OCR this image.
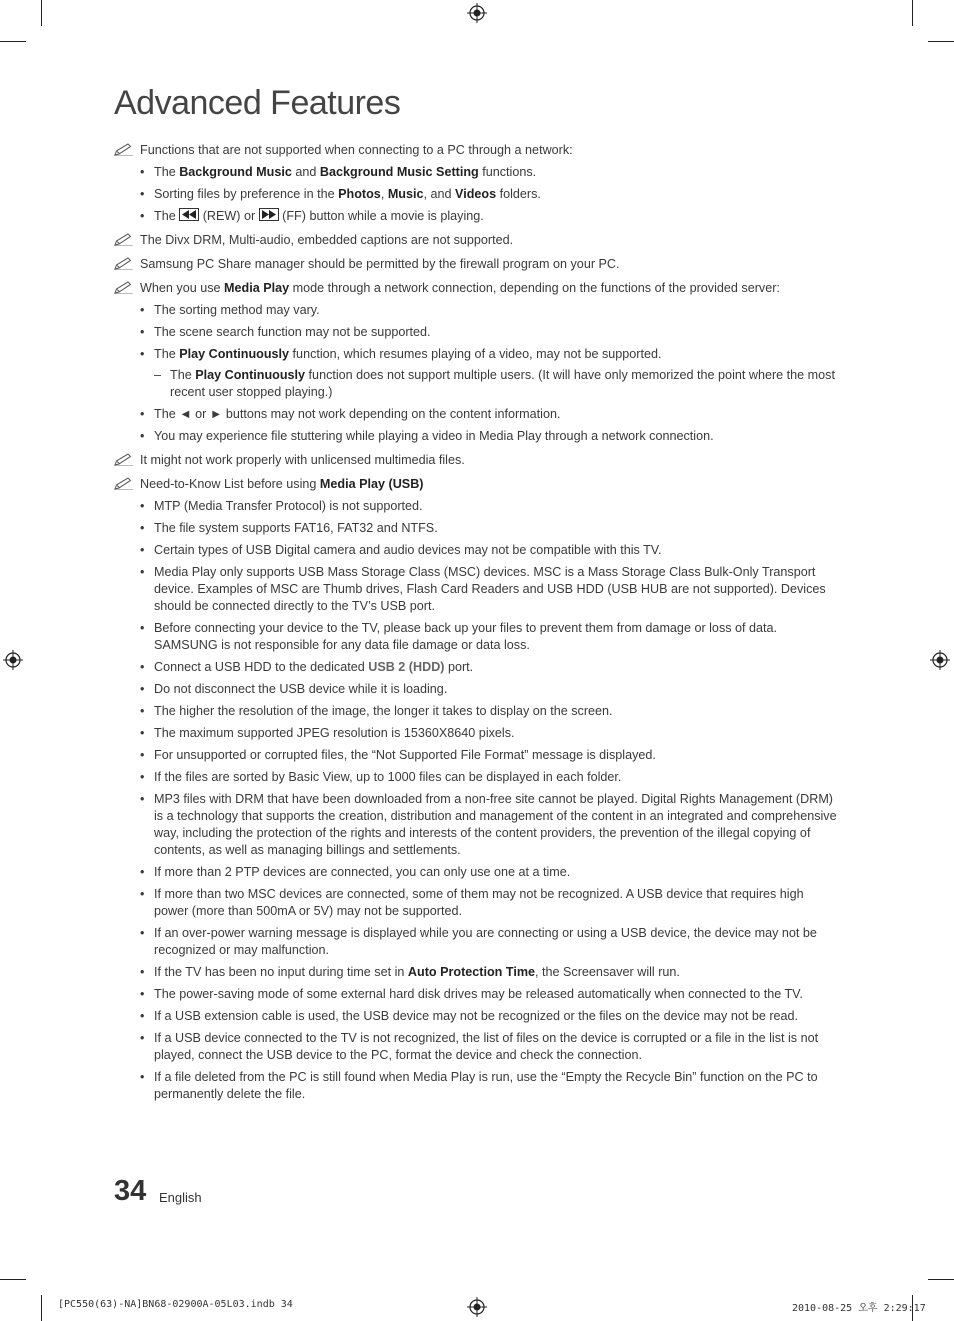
Advanced Features
Functions that are not supported when connecting to a PC through a network:
• The Background Music and Background Music Setting functions.
• Sorting files by preference in the Photos, Music, and Videos folders.
• The
(REW) or
(FF) button while a movie is playing.
The Divx DRM, Multi-audio, embedded captions are not supported.
Samsung PC Share manager should be permitted by the firewall program on your PC.
When you use Media Play mode through a network connection, depending on the functions of the provided server:
• The sorting method may vary.
• The scene search function may not be supported.
• The Play Continuously function, which resumes playing of a video, may not be supported.
– The Play Continuously function does not support multiple users. (It will have only memorized the point where the most recent user stopped playing.)
• The ◄ or ► buttons may not work depending on the content information.
• You may experience file stuttering while playing a video in Media Play through a network connection.
It might not work properly with unlicensed multimedia files.
Need-to-Know List before using Media Play (USB)
• MTP (Media Transfer Protocol) is not supported.
• The file system supports FAT16, FAT32 and NTFS.
• Certain types of USB Digital camera and audio devices may not be compatible with this TV.
• Media Play only supports USB Mass Storage Class (MSC) devices. MSC is a Mass Storage Class Bulk-Only Transport device. Examples of MSC are Thumb drives, Flash Card Readers and USB HDD (USB HUB are not supported). Devices should be connected directly to the TV’s USB port.
• Before connecting your device to the TV, please back up your files to prevent them from damage or loss of data. SAMSUNG is not responsible for any data file damage or data loss.
• Connect a USB HDD to the dedicated USB 2 (HDD) port.
• Do not disconnect the USB device while it is loading.
• The higher the resolution of the image, the longer it takes to display on the screen.
• The maximum supported JPEG resolution is 15360X8640 pixels.
• For unsupported or corrupted files, the “Not Supported File Format” message is displayed.
• If the files are sorted by Basic View, up to 1000 files can be displayed in each folder.
• MP3 files with DRM that have been downloaded from a non-free site cannot be played. Digital Rights Management (DRM) is a technology that supports the creation, distribution and management of the content in an integrated and comprehensive way, including the protection of the rights and interests of the content providers, the prevention of the illegal copying of contents, as well as managing billings and settlements.
• If more than 2 PTP devices are connected, you can only use one at a time.
• If more than two MSC devices are connected, some of them may not be recognized. A USB device that requires high power (more than 500mA or 5V) may not be supported.
• If an over-power warning message is displayed while you are connecting or using a USB device, the device may not be recognized or may malfunction.
• If the TV has been no input during time set in Auto Protection Time, the Screensaver will run.
• The power-saving mode of some external hard disk drives may be released automatically when connected to the TV.
• If a USB extension cable is used, the USB device may not be recognized or the files on the device may not be read.
• If a USB device connected to the TV is not recognized, the list of files on the device is corrupted or a file in the list is not played, connect the USB device to the PC, format the device and check the connection.
• If a file deleted from the PC is still found when Media Play is run, use the “Empty the Recycle Bin” function on the PC to permanently delete the file.
34 English
[PC550(63)-NA]BN68-02900A-05L03.indb 34	2010-08-25 오후 2:29:17
